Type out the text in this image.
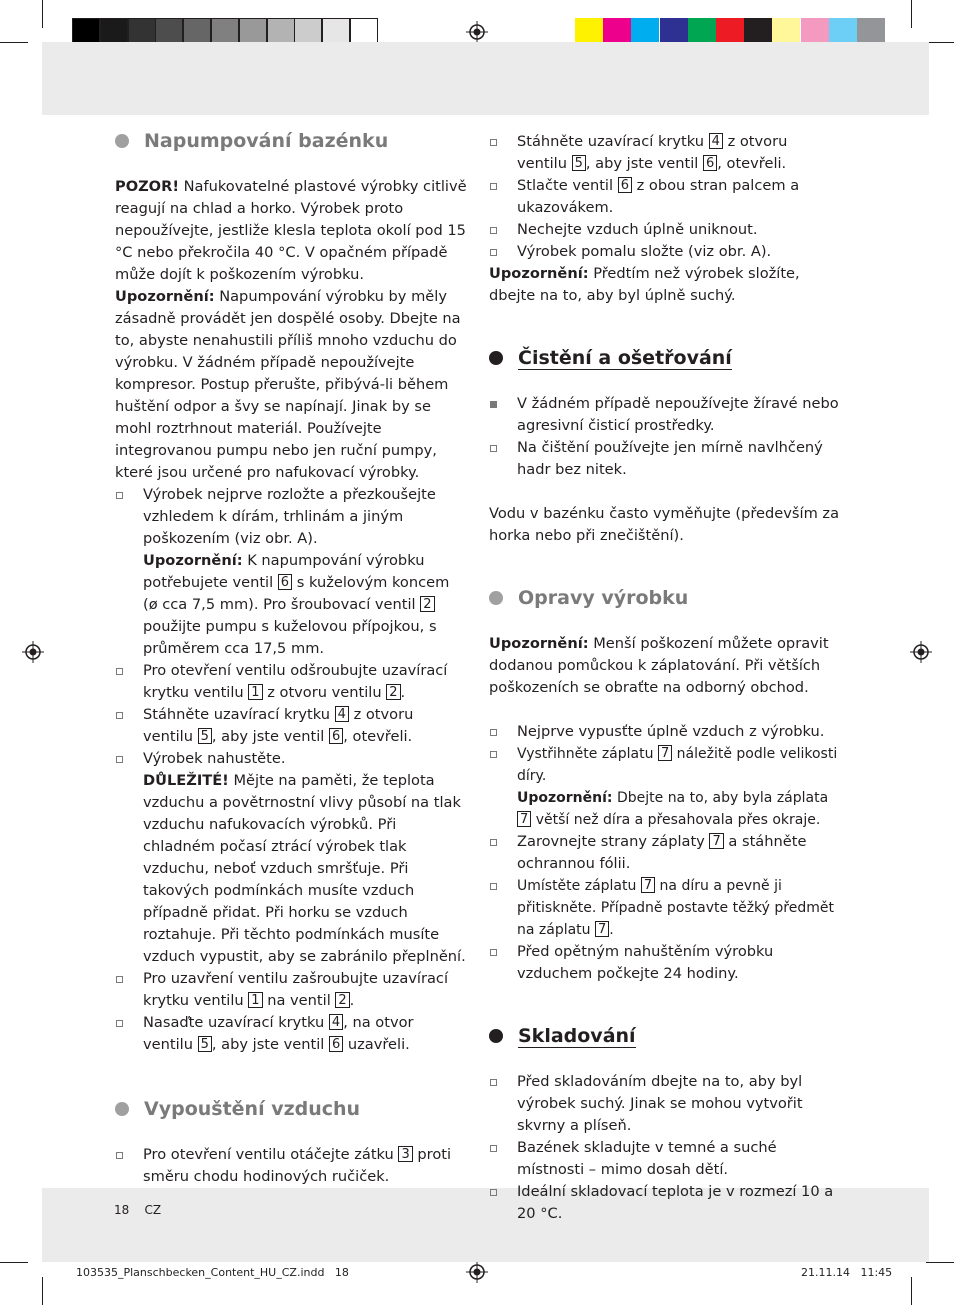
Napumpování bazénku

POZOR! Nafukovatelné plastové výrobky citlivě reagují na chlad a horko. Výrobek proto nepoužívejte, jestliže klesla teplota okolí pod 15 °C nebo překročila 40 °C. V opačném případě může dojít k poškozením výrobku.

Upozornění: Napumpování výrobku by měly zásadně provádět jen dospělé osoby. Dbejte na to, abyste nenahustili příliš mnoho vzduchu do výrobku. V žádném případě nepoužívejte kompresor. Postup přerušte, přibývá-li během huštění odpor a švy se napínají. Jinak by se mohl roztrhnout materiál. Používejte integrovanou pumpu nebo jen ruční pumpy, které jsou určené pro nafukovací výrobky.

Výrobek nejprve rozložte a přezkoušejte vzhledem k dírám, trhlinám a jiným poškozením (viz obr. A).
Upozornění: K napumpování výrobku potřebujete ventil 6 s kuželovým koncem (ø cca 7,5 mm). Pro šroubovací ventil 2 použijte pumpu s kuželovou přípojkou, s průměrem cca 17,5 mm.
Pro otevření ventilu odšroubujte uzavírací krytku ventilu 1 z otvoru ventilu 2 .
Stáhněte uzavírací krytku 4 z otvoru ventilu 5 , aby jste ventil 6 , otevřeli.
Výrobek nahustěte.
DŮLEŽITÉ! Mějte na paměti, že teplota vzduchu a povětrnostní vlivy působí na tlak vzduchu nafukovacích výrobků. Při chladném počasí ztrácí výrobek tlak vzduchu, neboť vzduch smršťuje. Při takových podmínkách musíte vzduch případně přidat. Při horku se vzduch roztahuje. Při těchto podmínkách musíte vzduch vypustit, aby se zabránilo přeplnění.
Pro uzavření ventilu zašroubujte uzavírací krytku ventilu 1 na ventil 2 .
Nasaďte uzavírací krytku 4 , na otvor ventilu 5 , aby jste ventil 6 uzavřeli.
Vypouštění vzduchu
Pro otevření ventilu otáčejte zátku 3 proti směru chodu hodinových ručiček.
Stáhněte uzavírací krytku 4 z otvoru ventilu 5 , aby jste ventil 6 , otevřeli.
Stlačte ventil 6 z obou stran palcem a ukazovákem.
Nechejte vzduch úplně uniknout.
Výrobek pomalu složte (viz obr. A).

Upozornění: Předtím než výrobek složíte, dbejte na to, aby byl úplně suchý.

Čistění a ošetřování
V žádném případě nepoužívejte žíravé nebo agresivní čisticí prostředky.
Na čištění používejte jen mírně navlhčený hadr bez nitek.

Vodu v bazénku často vyměňujte (především za horka nebo při znečištění).

Opravy výrobku

Upozornění: Menší poškození můžete opravit dodanou pomůckou k záplatování. Při větších poškozeních se obraťte na odborný obchod.

Nejprve vypusťte úplně vzduch z výrobku.
Vystřihněte záplatu 7 náležitě podle velikosti díry.
Upozornění: Dbejte na to, aby byla záplata 7 větší než díra a přesahovala přes okraje.
Zarovnejte strany záplaty 7 a stáhněte ochrannou fólii.
Umístěte záplatu 7 na díru a pevně ji přitiskněte. Případně postavte těžký předmět na záplatu 7 .
Před opětným nahuštěním výrobku vzduchem počkejte 24 hodiny.
Skladování
Před skladováním dbejte na to, aby byl výrobek suchý. Jinak se mohou vytvořit skvrny a plíseň.
Bazének skladujte v temné a suché místnosti – mimo dosah dětí.
Ideální skladovací teplota je v rozmezí 10 a 20 °C.
18 CZ
103535_Planschbecken_Content_HU_CZ.indd   18	21.11.14   11:45
